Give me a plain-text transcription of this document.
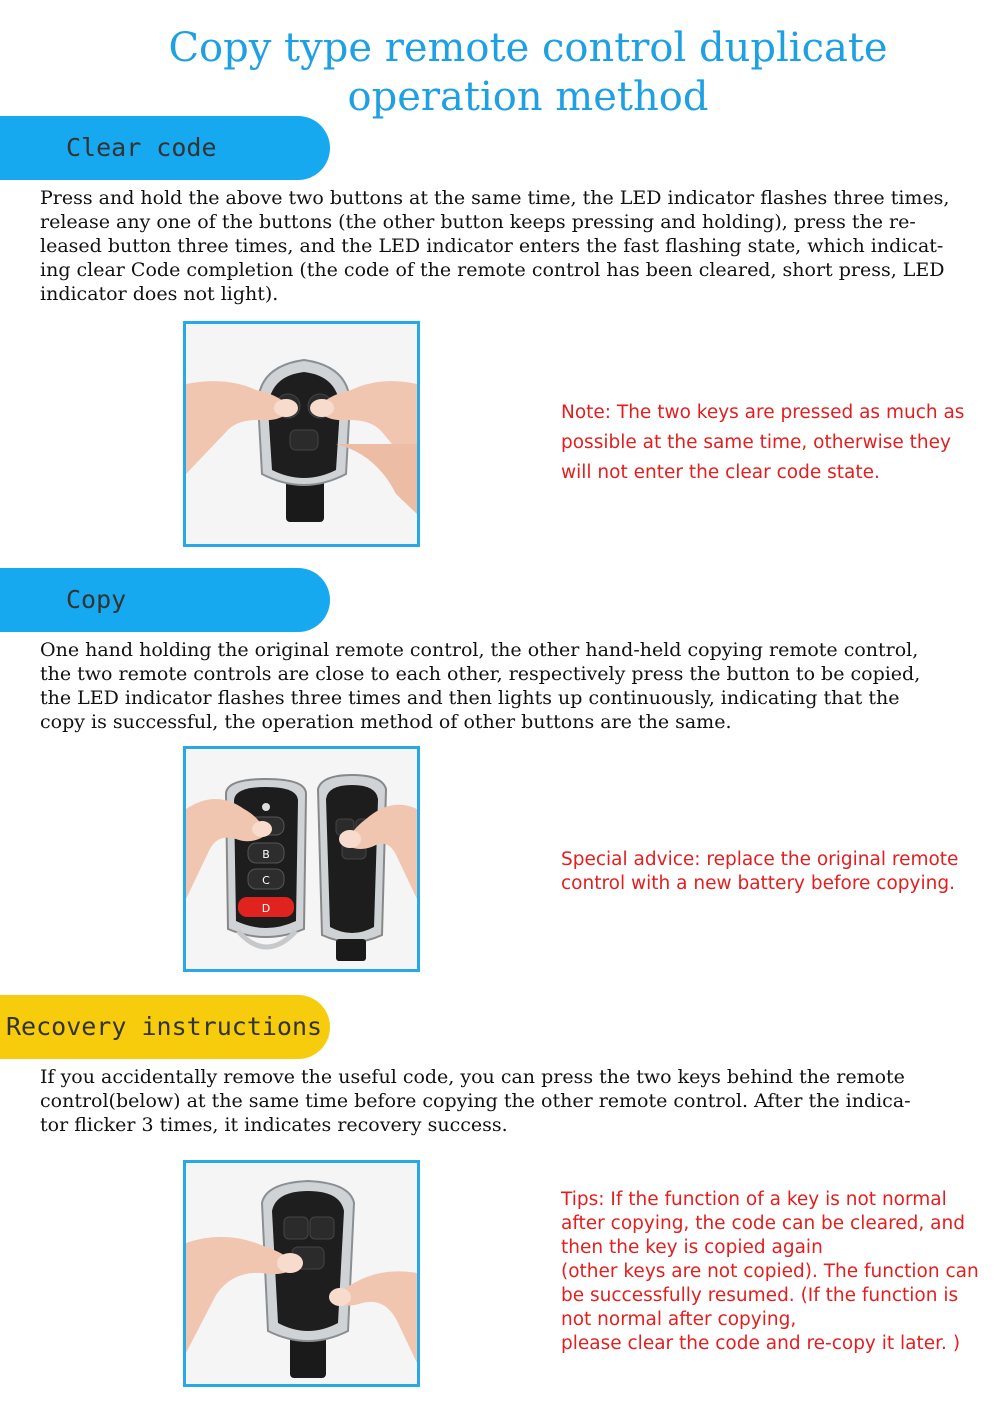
Copy type remote control duplicate
operation method
Clear code
Press and hold the above two buttons at the same time, the LED indicator flashes three times,
release any one of the buttons (the other button keeps pressing and holding), press the re-
leased button three times, and the LED indicator enters the fast flashing state, which indicat-
ing clear Code completion (the code of the remote control has been cleared, short press, LED
indicator does not light).

Note: The two keys are pressed as much as
possible at the same time, otherwise they
will not enter the clear code state.

Copy
One hand holding the original remote control, the other hand-held copying remote control,
the two remote controls are close to each other, respectively press the button to be copied,
the LED indicator flashes three times and then lights up continuously, indicating that the
copy is successful, the operation method of other buttons are the same.
B
C
D

Special advice: replace the original remote
control with a new battery before copying.

Recovery instructions
If you accidentally remove the useful code, you can press the two keys behind the remote
control(below) at the same time before copying the other remote control. After the indica-
tor flicker 3 times, it indicates recovery success.

Tips: If the function of a key is not normal
after copying, the code can be cleared, and
then the key is copied again
(other keys are not copied). The function can
be successfully resumed. (If the function is
not normal after copying,
please clear the code and re-copy it later. )
